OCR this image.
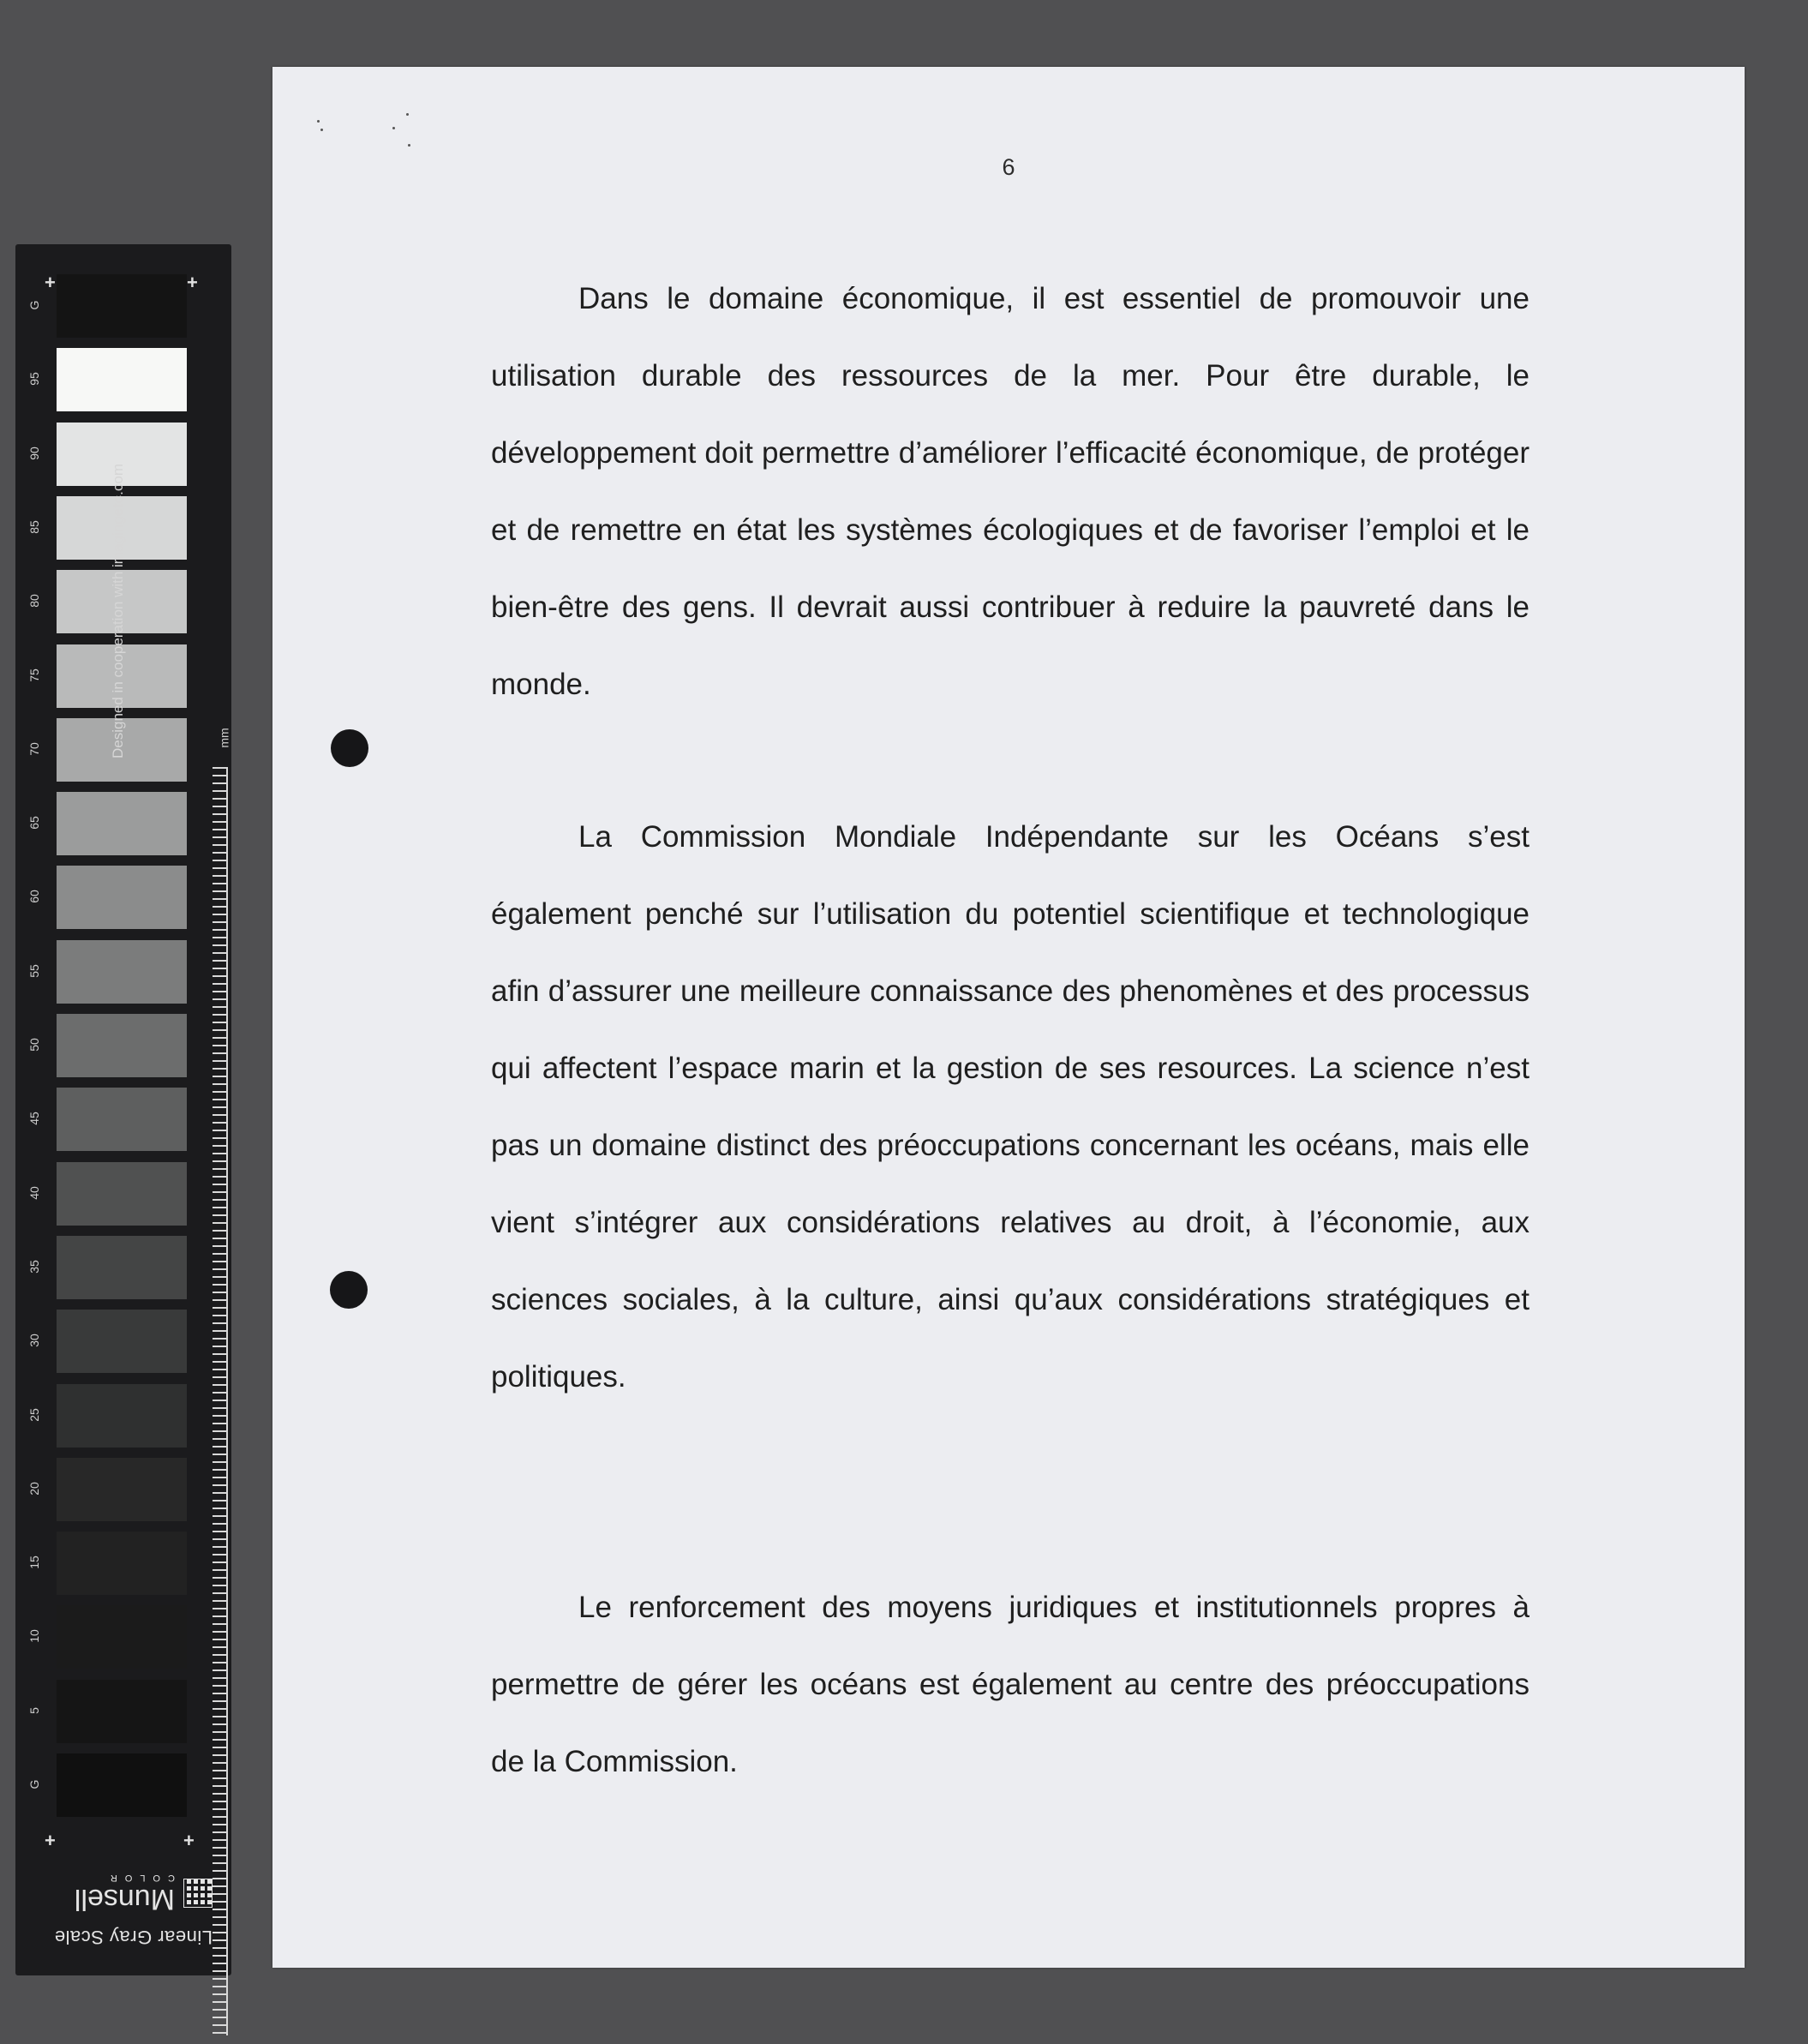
G
95
90
85
80
75
70
65
60
55
50
45
40
35
30
25
20
15
10
5
G
+	+
+	+
Designed in cooperation with imagingetc.com
mm
Linear Gray Scale
Munsell
COLOR
6

Dans le domaine économique, il est essentiel de promouvoir une utilisation durable des ressources de la mer. Pour être durable, le développement doit permettre d’améliorer l’efficacité économique, de protéger et de remettre en état les systèmes écologiques et de favoriser l’emploi et le bien-être des gens. Il devrait aussi contribuer à reduire la pauvreté dans le monde.

La Commission Mondiale Indépendante sur les Océans s’est également penché sur l’utilisation du potentiel scientifique et technologique afin d’assurer une meilleure connaissance des phenomènes et des processus qui affectent l’espace marin et la gestion de ses resources. La science n’est pas un domaine distinct des préoccupations concernant les océans, mais elle vient s’intégrer aux considérations relatives au droit, à l’économie, aux sciences sociales, à la culture, ainsi qu’aux considérations stratégiques et politiques.

Le renforcement des moyens juridiques et institutionnels propres à permettre de gérer les océans est également au centre des préoccupations de la Commission.
